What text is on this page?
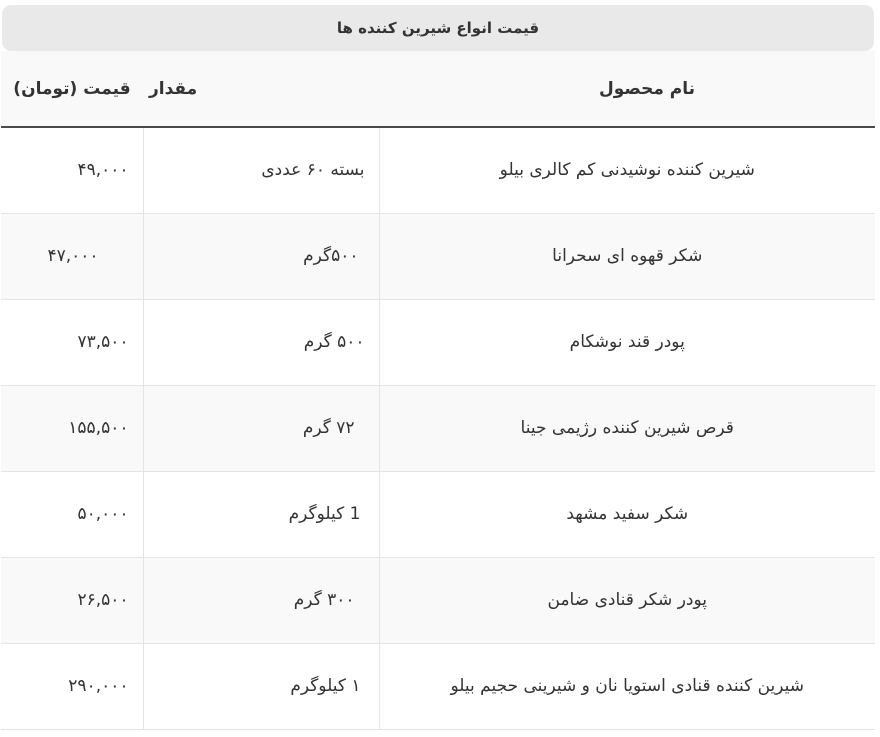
قیمت انواع شیرین کننده ها
نام محصول	مقدار	قیمت (تومان)
شیرین کننده نوشیدنی کم کالری بیلو	بسته ۶۰ عددی	۴۹,۰۰۰
شکر قهوه ای سحرانا	۵۰۰گرم	۴۷,۰۰۰
پودر قند نوشکام	۵۰۰ گرم	۷۳,۵۰۰
قرص شیرین کننده رژیمی جینا	۷۲ گرم	۱۵۵,۵۰۰
شکر سفید مشهد	1 کیلوگرم	۵۰,۰۰۰
پودر شکر قنادی ضامن	۳۰۰ گرم	۲۶,۵۰۰
شیرین کننده قنادی استویا نان و شیرینی حجیم بیلو	۱ کیلوگرم	۲۹۰,۰۰۰
